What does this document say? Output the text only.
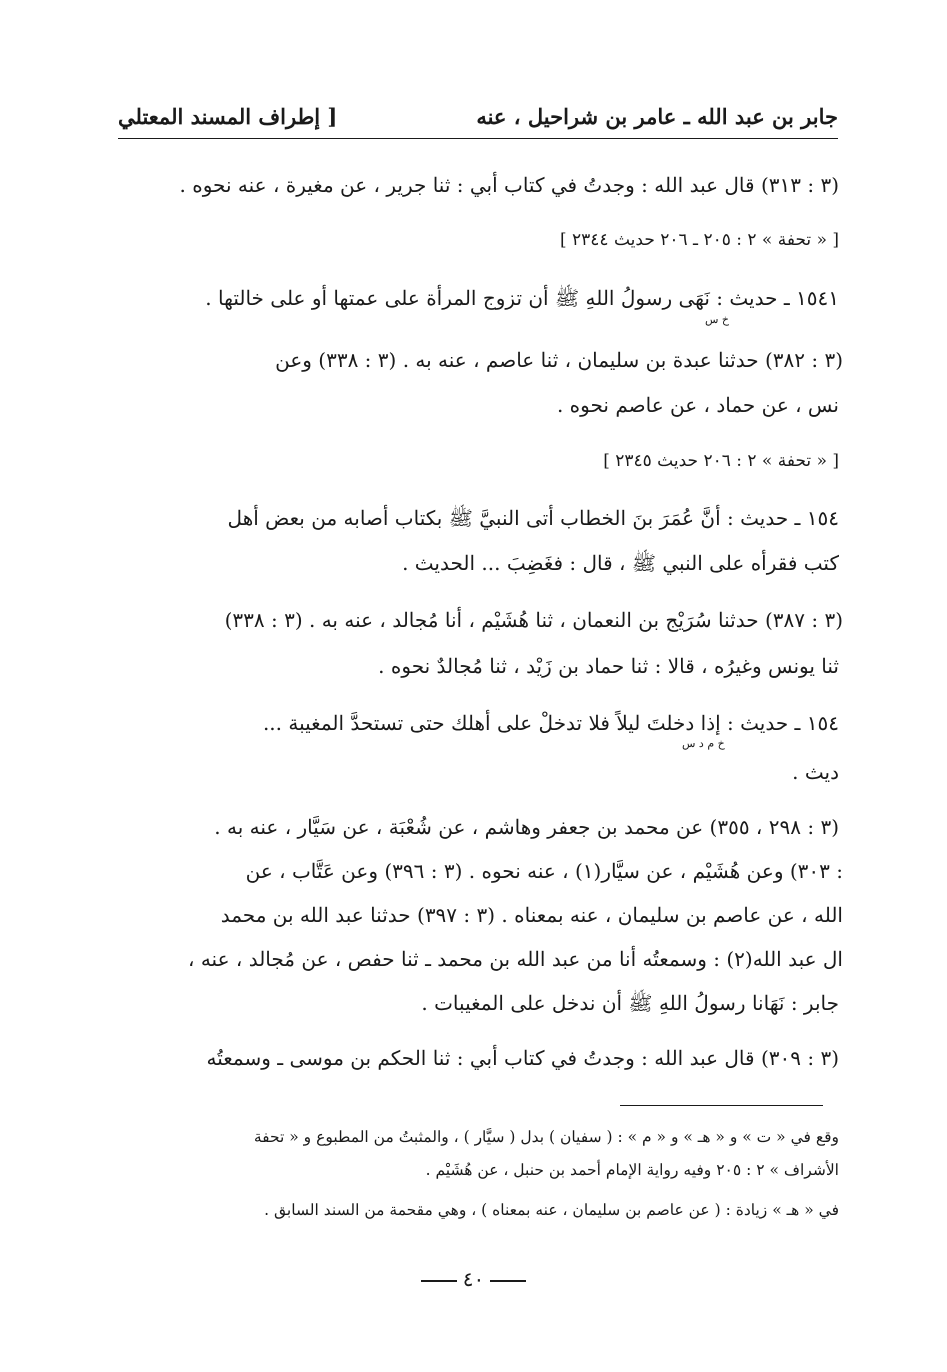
جابر بن عبد الله ـ عامر بن شراحيل ، عنه
[ إطراف المسند المعتلي
(٣ : ٣١٣) قال عبد الله : وجدتُ في كتاب أبي : ثنا جرير ، عن مغيرة ، عنه نحوه .
[ « تحفة » ٢ : ٢٠٥ ـ ٢٠٦ حديث ٢٣٤٤ ]
١٥٤١ ـ حديث : نَهَى رسولُ اللهِ ﷺ أن تزوج المرأة على عمتها أو على خالتها .
خ س
(٣ : ٣٨٢) حدثنا عبدة بن سليمان ، ثنا عاصم ، عنه به . (٣ : ٣٣٨) وعن
نس ، عن حماد ، عن عاصم نحوه .
[ « تحفة » ٢ : ٢٠٦ حديث ٢٣٤٥ ]
١٥٤ ـ حديث : أنَّ عُمَرَ بنَ الخطاب أتى النبيَّ ﷺ بكتاب أصابه من بعض أهل
كتب فقرأه على النبي ﷺ ، قال : فغَضِبَ ... الحديث .
(٣ : ٣٨٧) حدثنا سُرَيْج بن النعمان ، ثنا هُشَيْم ، أنا مُجالد ، عنه به . (٣ : ٣٣٨)
ثنا يونس وغيرُه ، قالا : ثنا حماد بن زَيْد ، ثنا مُجالدٌ نحوه .
١٥٤ ـ حديث : إذا دخلتَ ليلاً فلا تدخلْ على أهلك حتى تستحدَّ المغيبة ...
خ م د س
ديث .
(٣ : ٢٩٨ ، ٣٥٥) عن محمد بن جعفر وهاشم ، عن شُعْبَة ، عن سَيَّار ، عنه به .
: ٣٠٣) وعن هُشَيْم ، عن سيَّار(١) ، عنه نحوه . (٣ : ٣٩٦) وعن عَتَّاب ، عن
الله ، عن عاصم بن سليمان ، عنه بمعناه . (٣ : ٣٩٧) حدثنا عبد الله بن محمد
ال عبد الله(٢) : وسمعتُه أنا من عبد الله بن محمد ـ ثنا حفص ، عن مُجالد ، عنه ،
جابر : نَهَانا رسولُ اللهِ ﷺ أن ندخل على المغيبات .
(٣ : ٣٠٩) قال عبد الله : وجدتُ في كتاب أبي : ثنا الحكم بن موسى ـ وسمعتُه
وقع في « ت » و « هـ » و « م » : ( سفيان ) بدل ( سيَّار ) ، والمثبتُ من المطبوع و « تحفة
الأشراف » ٢ : ٢٠٥ وفيه رواية الإمام أحمد بن حنبل ، عن هُشَيْم .
في « هـ » زيادة : ( عن عاصم بن سليمان ، عنه بمعناه ) ، وهي مقحمة من السند السابق .
٤٠
